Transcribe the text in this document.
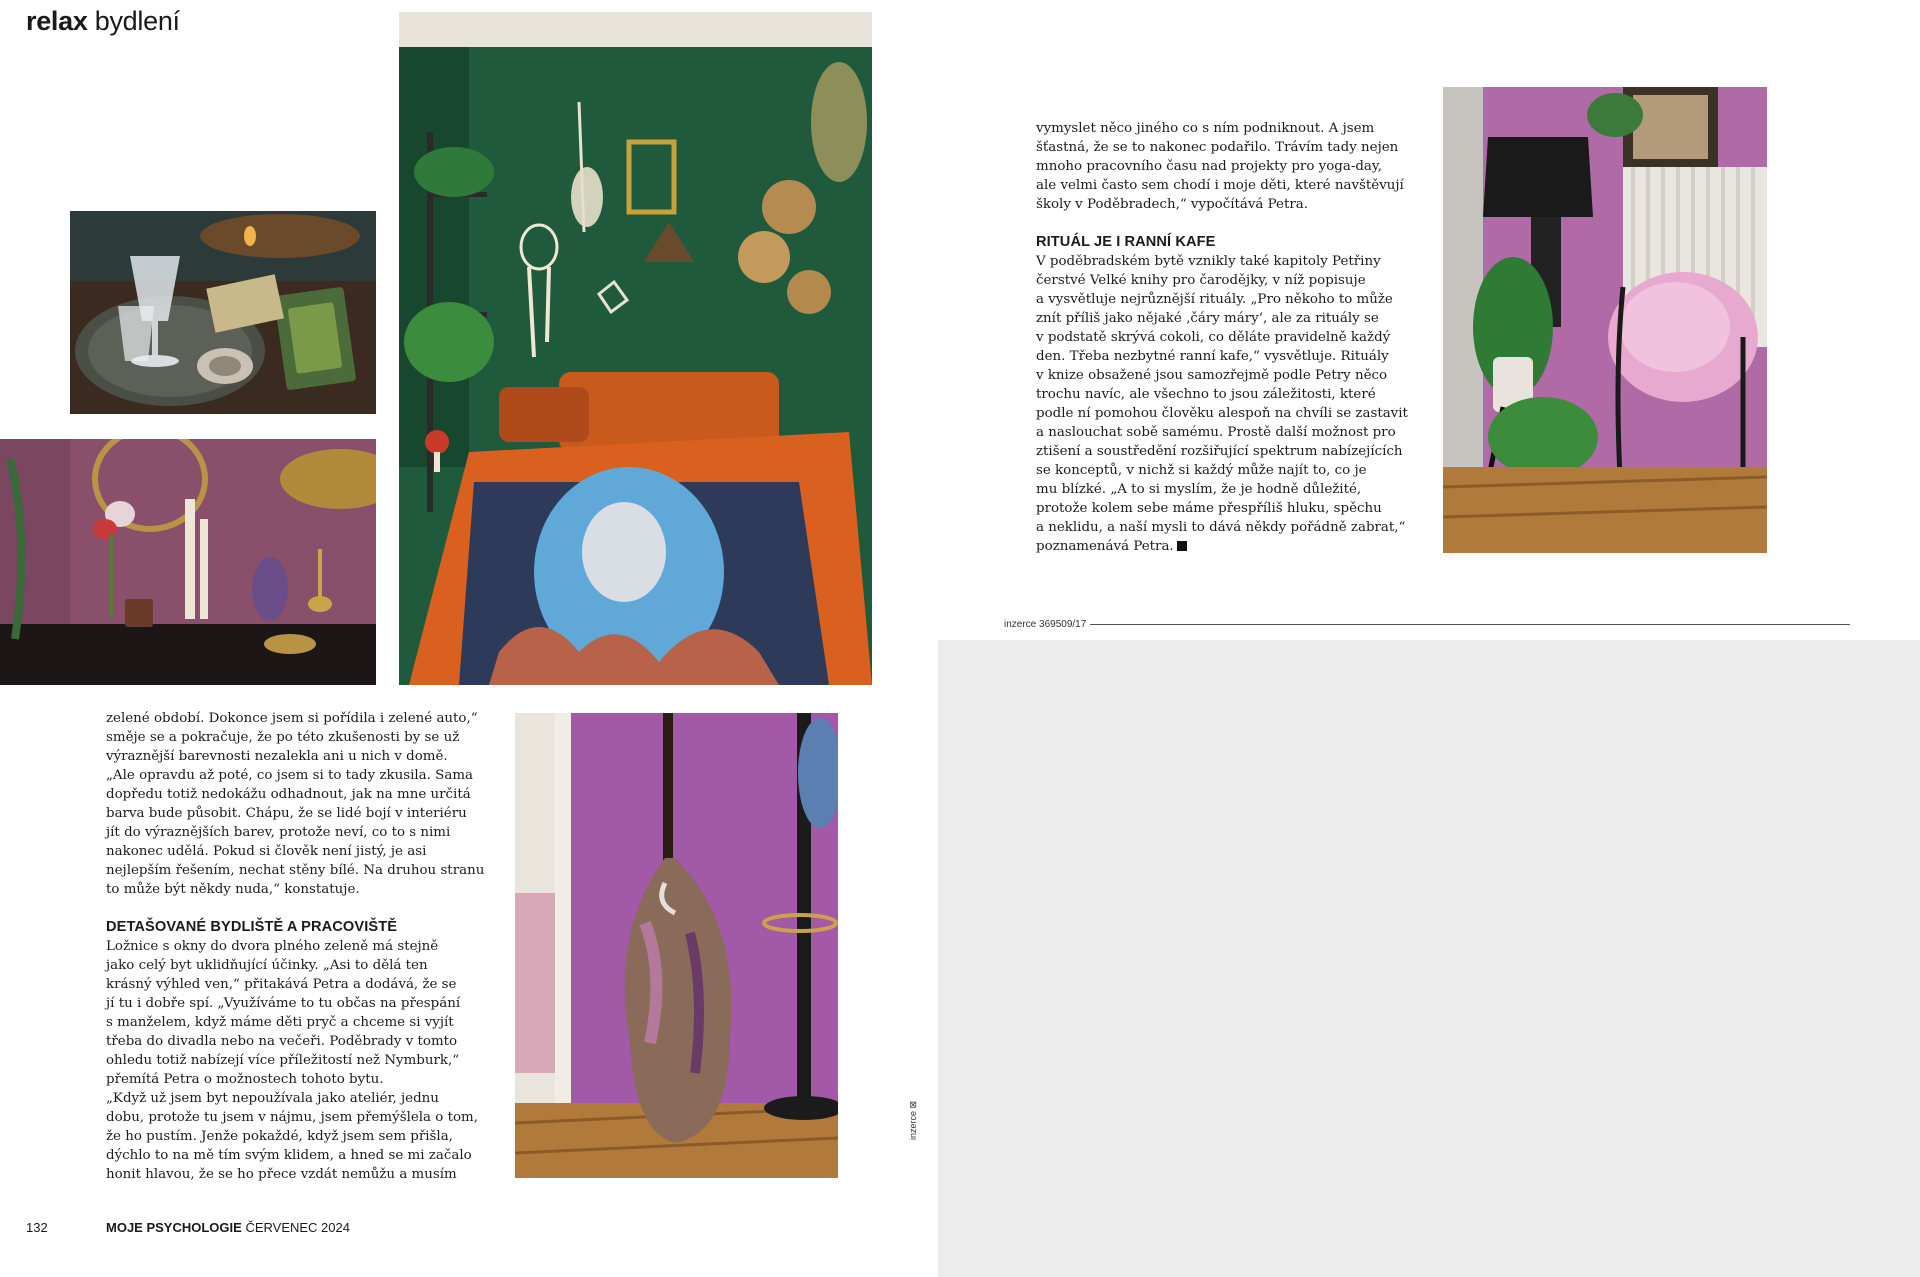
relax bydlení

zelené období. Dokonce jsem si pořídila i zelené auto,“

směje se a pokračuje, že po této zkušenosti by se už

výraznější barevnosti nezalekla ani u nich v domě.

„Ale opravdu až poté, co jsem si to tady zkusila. Sama

dopředu totiž nedokážu odhadnout, jak na mne určitá

barva bude působit. Chápu, že se lidé bojí v interiéru

jít do výraznějších barev, protože neví, co to s nimi

nakonec udělá. Pokud si člověk není jistý, je asi

nejlepším řešením, nechat stěny bílé. Na druhou stranu

to může být někdy nuda,“ konstatuje.

DETAŠOVANÉ BYDLIŠTĚ A PRACOVIŠTĚ

Ložnice s okny do dvora plného zeleně má stejně

jako celý byt uklidňující účinky. „Asi to dělá ten

krásný výhled ven,“ přitakává Petra a dodává, že se

jí tu i dobře spí. „Využíváme to tu občas na přespání

s manželem, když máme děti pryč a chceme si vyjít

třeba do divadla nebo na večeři. Poděbrady v tomto

ohledu totiž nabízejí více příležitostí než Nymburk,“

přemítá Petra o možnostech tohoto bytu.

„Když už jsem byt nepoužívala jako ateliér, jednu

dobu, protože tu jsem v nájmu, jsem přemýšlela o tom,

že ho pustím. Jenže pokaždé, když jsem sem přišla,

dýchlo to na mě tím svým klidem, a hned se mi začalo

honit hlavou, že se ho přece vzdát nemůžu a musím

inzerce ⊠

vymyslet něco jiného co s ním podniknout. A jsem

šťastná, že se to nakonec podařilo. Trávím tady nejen

mnoho pracovního času nad projekty pro yoga-day,

ale velmi často sem chodí i moje děti, které navštěvují

školy v Poděbradech,“ vypočítává Petra.

RITUÁL JE I RANNÍ KAFE

V poděbradském bytě vznikly také kapitoly Petřiny

čerstvé Velké knihy pro čarodějky, v níž popisuje

a vysvětluje nejrůznější rituály. „Pro někoho to může

znít příliš jako nějaké ‚čáry máry‘, ale za rituály se

v podstatě skrývá cokoli, co děláte pravidelně každý

den. Třeba nezbytné ranní kafe,“ vysvětluje. Rituály

v knize obsažené jsou samozřejmě podle Petry něco

trochu navíc, ale všechno to jsou záležitosti, které

podle ní pomohou člověku alespoň na chvíli se zastavit

a naslouchat sobě samému. Prostě další možnost pro

ztišení a soustředění rozšiřující spektrum nabízejících

se konceptů, v nichž si každý může najít to, co je

mu blízké. „A to si myslím, že je hodně důležité,

protože kolem sebe máme přespříliš hluku, spěchu

a neklidu, a naší mysli to dává někdy pořádně zabrat,“

poznamenává Petra.

inzerce 369509/17
132	MOJE PSYCHOLOGIE ČERVENEC 2024
